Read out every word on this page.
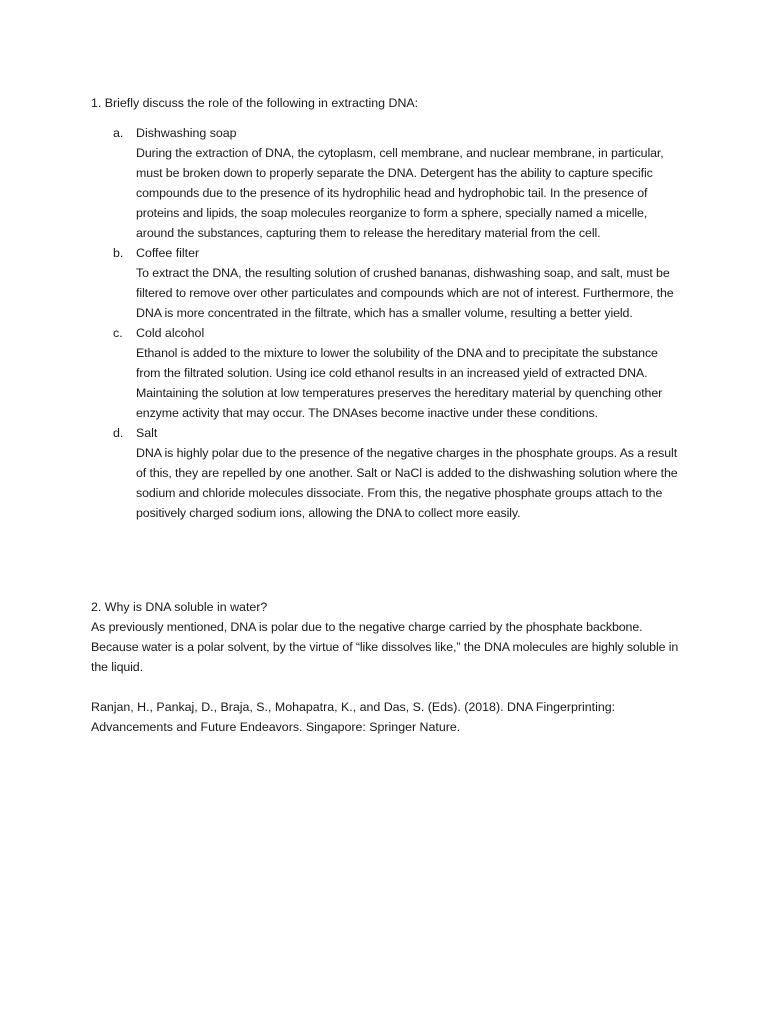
1. Briefly discuss the role of the following in extracting DNA:
a.	Dishwashing soap
During the extraction of DNA, the cytoplasm, cell membrane, and nuclear membrane, in particular, must be broken down to properly separate the DNA. Detergent has the ability to capture specific compounds due to the presence of its hydrophilic head and hydrophobic tail. In the presence of proteins and lipids, the soap molecules reorganize to form a sphere, specially named a micelle, around the substances, capturing them to release the hereditary material from the cell.
b.	Coffee filter
To extract the DNA, the resulting solution of crushed bananas, dishwashing soap, and salt, must be filtered to remove over other particulates and compounds which are not of interest. Furthermore, the DNA is more concentrated in the filtrate, which has a smaller volume, resulting a better yield.
c.	Cold alcohol
Ethanol is added to the mixture to lower the solubility of the DNA and to precipitate the substance from the filtrated solution. Using ice cold ethanol results in an increased yield of extracted DNA. Maintaining the solution at low temperatures preserves the hereditary material by quenching other enzyme activity that may occur. The DNAses become inactive under these conditions.
d.	Salt
DNA is highly polar due to the presence of the negative charges in the phosphate groups. As a result of this, they are repelled by one another. Salt or NaCl is added to the dishwashing solution where the sodium and chloride molecules dissociate. From this, the negative phosphate groups attach to the positively charged sodium ions, allowing the DNA to collect more easily.
2. Why is DNA soluble in water?
As previously mentioned, DNA is polar due to the negative charge carried by the phosphate backbone. Because water is a polar solvent, by the virtue of “like dissolves like,” the DNA molecules are highly soluble in the liquid.
Ranjan, H., Pankaj, D., Braja, S., Mohapatra, K., and Das, S. (Eds). (2018). DNA Fingerprinting: Advancements and Future Endeavors. Singapore: Springer Nature.
